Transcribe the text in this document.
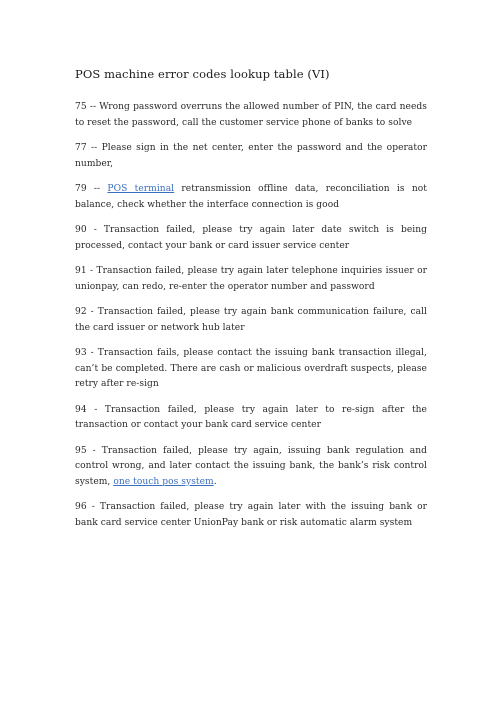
POS machine error codes lookup table (VI)

75 -- Wrong password overruns the allowed number of PIN, the card needs to reset the password, call the customer service phone of banks to solve

77 -- Please sign in the net center, enter the password and the operator number,

79 -- POS terminal retransmission offline data, reconciliation is not balance, check whether the interface connection is good

90 - Transaction failed, please try again later date switch is being processed, contact your bank or card issuer service center

91 - Transaction failed, please try again later telephone inquiries issuer or unionpay, can redo, re-enter the operator number and password

92 - Transaction failed, please try again bank communication failure, call the card issuer or network hub later

93 - Transaction fails, please contact the issuing bank transaction illegal, can’t be completed. There are cash or malicious overdraft suspects, please retry after re-sign

94 - Transaction failed, please try again later to re-sign after the transaction or contact your bank card service center

95 - Transaction failed, please try again, issuing bank regulation and control wrong, and later contact the issuing bank, the bank’s risk control system, one touch pos system.

96 - Transaction failed, please try again later with the issuing bank or bank card service center UnionPay bank or risk automatic alarm system
